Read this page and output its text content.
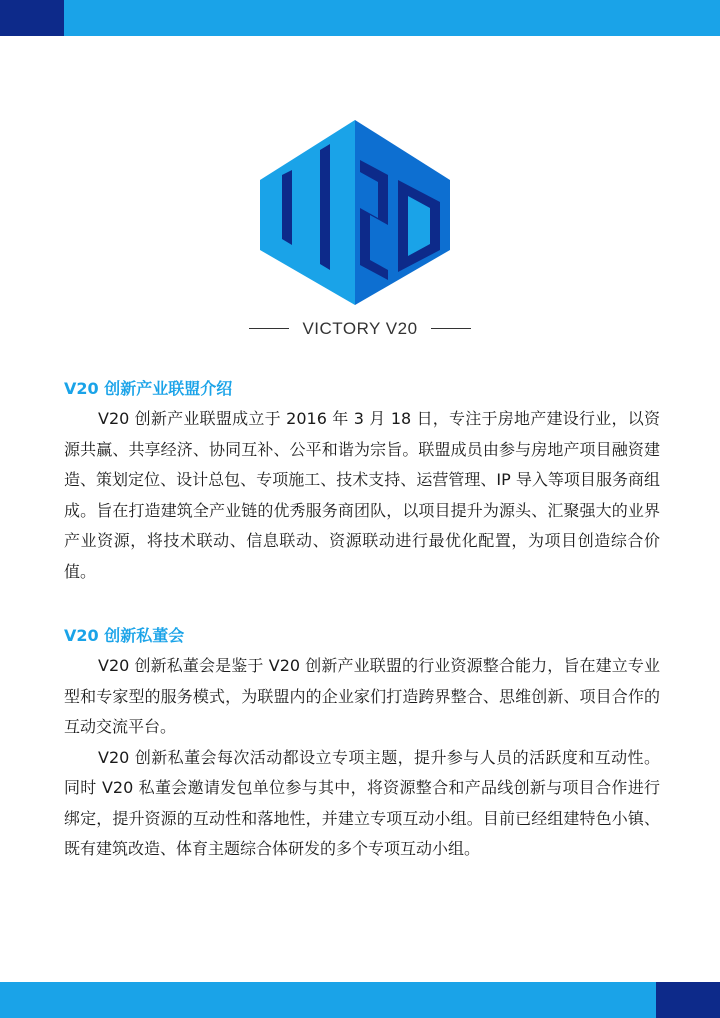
VICTORY V20
V20 创新产业联盟介绍

V20 创新产业联盟成立于 2016 年 3 月 18 日，专注于房地产建设行业，以资源共赢、共享经济、协同互补、公平和谐为宗旨。联盟成员由参与房地产项目融资建造、策划定位、设计总包、专项施工、技术支持、运营管理、IP 导入等项目服务商组成。旨在打造建筑全产业链的优秀服务商团队，以项目提升为源头、汇聚强大的业界产业资源，将技术联动、信息联动、资源联动进行最优化配置，为项目创造综合价值。

V20 创新私董会

V20 创新私董会是鉴于 V20 创新产业联盟的行业资源整合能力，旨在建立专业型和专家型的服务模式，为联盟内的企业家们打造跨界整合、思维创新、项目合作的互动交流平台。

V20 创新私董会每次活动都设立专项主题，提升参与人员的活跃度和互动性。同时 V20 私董会邀请发包单位参与其中，将资源整合和产品线创新与项目合作进行绑定，提升资源的互动性和落地性，并建立专项互动小组。目前已经组建特色小镇、既有建筑改造、体育主题综合体研发的多个专项互动小组。
